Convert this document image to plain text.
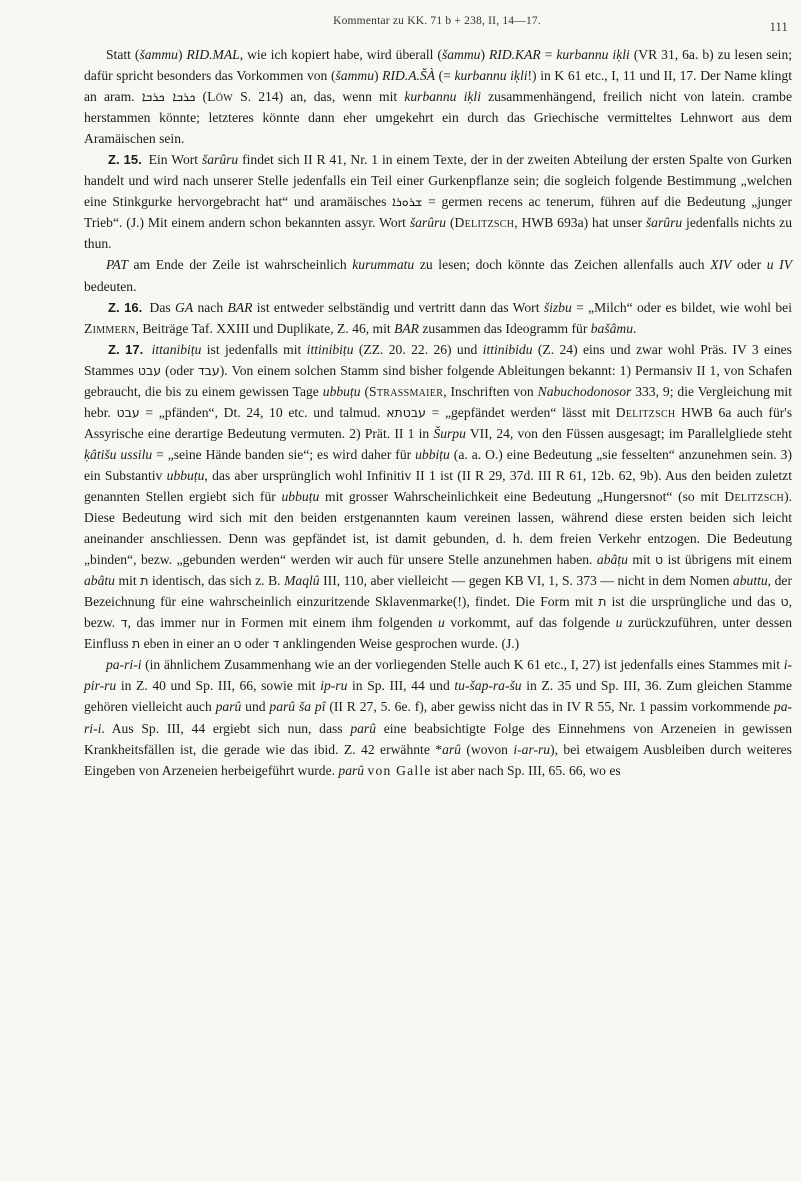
Kommentar zu KK. 71 b + 238, II, 14—17.	111

Statt (šammu) RID.MAL, wie ich kopiert habe, wird überall (šammu) RID.KAR = kurbannu iḳli (VR 31, 6a. b) zu lesen sein; dafür spricht besonders das Vorkommen von (šammu) RID.A.ŠÀ (= kurbannu iḳli!) in K 61 etc., I, 11 und II, 17. Der Name klingt an aram. ܟܪܒܐ ܟܪܒܐ (Löw S. 214) an, das, wenn mit kurbannu iḳli zusammenhängend, freilich nicht von latein. crambe herstammen könnte; letzteres könnte dann eher umgekehrt ein durch das Griechische vermitteltes Lehnwort aus dem Aramäischen sein.

Z. 15. Ein Wort šarûru findet sich II R 41, Nr. 1 in einem Texte, der in der zweiten Abteilung der ersten Spalte von Gurken handelt und wird nach unserer Stelle jedenfalls ein Teil einer Gurkenpflanze sein; die sogleich folgende Bestimmung „welchen eine Stinkgurke hervorgebracht hat“ und aramäisches ܫܪܘܪܐ = germen recens ac tenerum, führen auf die Bedeutung „junger Trieb“. (J.) Mit einem andern schon bekannten assyr. Wort šarûru (Delitzsch, HWB 693a) hat unser šarûru jedenfalls nichts zu thun.

PAT am Ende der Zeile ist wahrscheinlich kurummatu zu lesen; doch könnte das Zeichen allenfalls auch XIV oder u IV bedeuten.

Z. 16. Das GA nach BAR ist entweder selbständig und vertritt dann das Wort šizbu = „Milch“ oder es bildet, wie wohl bei Zimmern, Beiträge Taf. XXIII und Duplikate, Z. 46, mit BAR zusammen das Ideogramm für bašâmu.

Z. 17. ittanibiṭu ist jedenfalls mit ittinibiṭu (ZZ. 20. 22. 26) und ittinibidu (Z. 24) eins und zwar wohl Präs. IV 3 eines Stammes עבט (oder עבד). Von einem solchen Stamm sind bisher folgende Ableitungen bekannt: 1) Permansiv II 1, von Schafen gebraucht, die bis zu einem gewissen Tage ubbuṭu (Strassmaier, Inschriften von Nabuchodonosor 333, 9; die Vergleichung mit hebr. עבט = „pfänden“, Dt. 24, 10 etc. und talmud. עבטתא = „gepfändet werden“ lässt mit Delitzsch HWB 6a auch für's Assyrische eine derartige Bedeutung vermuten. 2) Prät. II 1 in Šurpu VII, 24, von den Füssen ausgesagt; im Parallelgliede steht ḳâtišu ussilu = „seine Hände banden sie“; es wird daher für ubbiṭu (a. a. O.) eine Bedeutung „sie fesselten“ anzunehmen sein. 3) ein Substantiv ubbuṭu, das aber ursprünglich wohl Infinitiv II 1 ist (II R 29, 37d. III R 61, 12b. 62, 9b). Aus den beiden zuletzt genannten Stellen ergiebt sich für ubbuṭu mit grosser Wahrscheinlichkeit eine Bedeutung „Hungersnot“ (so mit Delitzsch). Diese Bedeutung wird sich mit den beiden erstgenannten kaum vereinen lassen, während diese ersten beiden sich leicht aneinander anschliessen. Denn was gepfändet ist, ist damit gebunden, d. h. dem freien Verkehr entzogen. Die Bedeutung „binden“, bezw. „gebunden werden“ werden wir auch für unsere Stelle anzunehmen haben. abâṭu mit ט ist übrigens mit einem abâtu mit ת identisch, das sich z. B. Maqlû III, 110, aber vielleicht — gegen KB VI, 1, S. 373 — nicht in dem Nomen abuttu, der Bezeichnung für eine wahrscheinlich einzuritzende Sklavenmarke(!), findet. Die Form mit ת ist die ursprüngliche und das ט, bezw. ד, das immer nur in Formen mit einem ihm folgenden u vorkommt, auf das folgende u zurückzuführen, unter dessen Einfluss ת eben in einer an ט oder ד anklingenden Weise gesprochen wurde. (J.)

pa-ri-i (in ähnlichem Zusammenhang wie an der vorliegenden Stelle auch K 61 etc., I, 27) ist jedenfalls eines Stammes mit i-pir-ru in Z. 40 und Sp. III, 66, sowie mit ip-ru in Sp. III, 44 und tu-šap-ra-šu in Z. 35 und Sp. III, 36. Zum gleichen Stamme gehören vielleicht auch parû und parû ša pî (II R 27, 5. 6e. f), aber gewiss nicht das in IV R 55, Nr. 1 passim vorkommende pa-ri-i. Aus Sp. III, 44 ergiebt sich nun, dass parû eine beabsichtigte Folge des Einnehmens von Arzeneien in gewissen Krankheitsfällen ist, die gerade wie das ibid. Z. 42 erwähnte *arû (wovon i-ar-ru), bei etwaigem Ausbleiben durch weiteres Eingeben von Arzeneien herbeigeführt wurde. parû von Galle ist aber nach Sp. III, 65. 66, wo es
